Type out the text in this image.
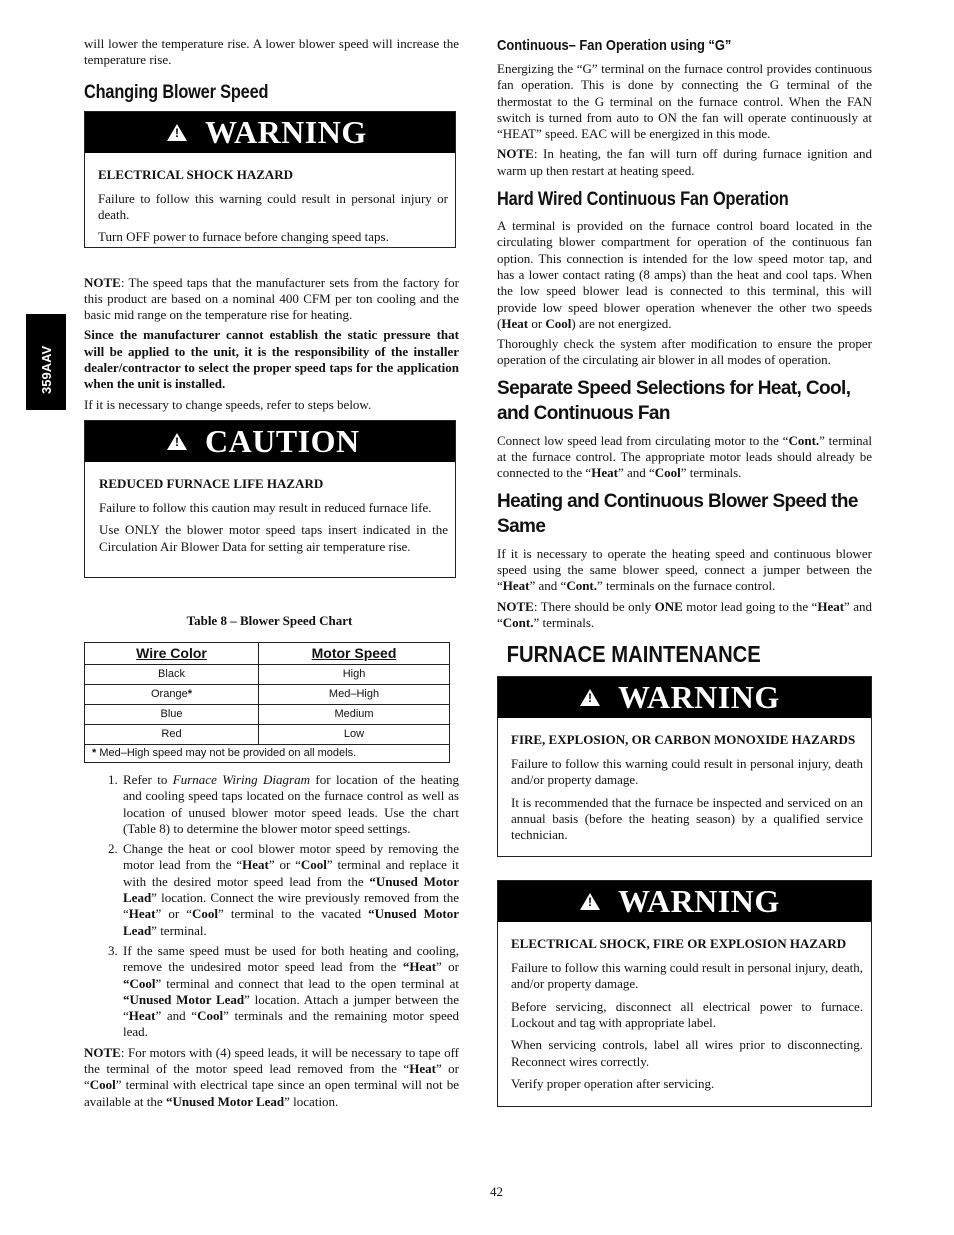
359AAV

will lower the temperature rise. A lower blower speed will increase the temperature rise.

Changing Blower Speed
! WARNING
ELECTRICAL SHOCK HAZARD

Failure to follow this warning could result in personal injury or death.

Turn OFF power to furnace before changing speed taps.

NOTE: The speed taps that the manufacturer sets from the factory for this product are based on a nominal 400 CFM per ton cooling and the basic mid range on the temperature rise for heating.

Since the manufacturer cannot establish the static pressure that will be applied to the unit, it is the responsibility of the installer dealer/contractor to select the proper speed taps for the application when the unit is installed.

If it is necessary to change speeds, refer to steps below.

! CAUTION
REDUCED FURNACE LIFE HAZARD

Failure to follow this caution may result in reduced furnace life.

Use ONLY the blower motor speed taps insert indicated in the Circulation Air Blower Data for setting air temperature rise.

Table 8 – Blower Speed Chart
Wire Color	Motor Speed
Black	High
Orange*	Med–High
Blue	Medium
Red	Low
* Med–High speed may not be provided on all models.	
1. Refer to Furnace Wiring Diagram for location of the heating and cooling speed taps located on the furnace control as well as location of unused blower motor speed leads. Use the chart (Table 8) to determine the blower motor speed settings.
2. Change the heat or cool blower motor speed by removing the motor lead from the “Heat” or “Cool” terminal and replace it with the desired motor speed lead from the “Unused Motor Lead” location. Connect the wire previously removed from the “Heat” or “Cool” terminal to the vacated “Unused Motor Lead” terminal.
3. If the same speed must be used for both heating and cooling, remove the undesired motor speed lead from the “Heat” or “Cool” terminal and connect that lead to the open terminal at “Unused Motor Lead” location. Attach a jumper between the “Heat” and “Cool” terminals and the remaining motor speed lead.

NOTE: For motors with (4) speed leads, it will be necessary to tape off the terminal of the motor speed lead removed from the “Heat” or “Cool” terminal with electrical tape since an open terminal will not be available at the “Unused Motor Lead” location.

Continuous– Fan Operation using “G”

Energizing the “G” terminal on the furnace control provides continuous fan operation. This is done by connecting the G terminal of the thermostat to the G terminal on the furnace control. When the FAN switch is turned from auto to ON the fan will operate continuously at “HEAT” speed. EAC will be energized in this mode.

NOTE: In heating, the fan will turn off during furnace ignition and warm up then restart at heating speed.

Hard Wired Continuous Fan Operation

A terminal is provided on the furnace control board located in the circulating blower compartment for operation of the continuous fan option. This connection is intended for the low speed motor tap, and has a lower contact rating (8 amps) than the heat and cool taps. When the low speed blower lead is connected to this terminal, this will provide low speed blower operation whenever the other two speeds (Heat or Cool) are not energized.

Thoroughly check the system after modification to ensure the proper operation of the circulating air blower in all modes of operation.

Separate Speed Selections for Heat, Cool, and Continuous Fan

Connect low speed lead from circulating motor to the “Cont.” terminal at the furnace control. The appropriate motor leads should already be connected to the “Heat” and “Cool” terminals.

Heating and Continuous Blower Speed the Same

If it is necessary to operate the heating speed and continuous blower speed using the same blower speed, connect a jumper between the “Heat” and “Cont.” terminals on the furnace control.

NOTE: There should be only ONE motor lead going to the “Heat” and “Cont.” terminals.

FURNACE MAINTENANCE
! WARNING
FIRE, EXPLOSION, OR CARBON MONOXIDE HAZARDS

Failure to follow this warning could result in personal injury, death and/or property damage.

It is recommended that the furnace be inspected and serviced on an annual basis (before the heating season) by a qualified service technician.

! WARNING
ELECTRICAL SHOCK, FIRE OR EXPLOSION HAZARD

Failure to follow this warning could result in personal injury, death, and/or property damage.

Before servicing, disconnect all electrical power to furnace. Lockout and tag with appropriate label.

When servicing controls, label all wires prior to disconnecting. Reconnect wires correctly.

Verify proper operation after servicing.

42
